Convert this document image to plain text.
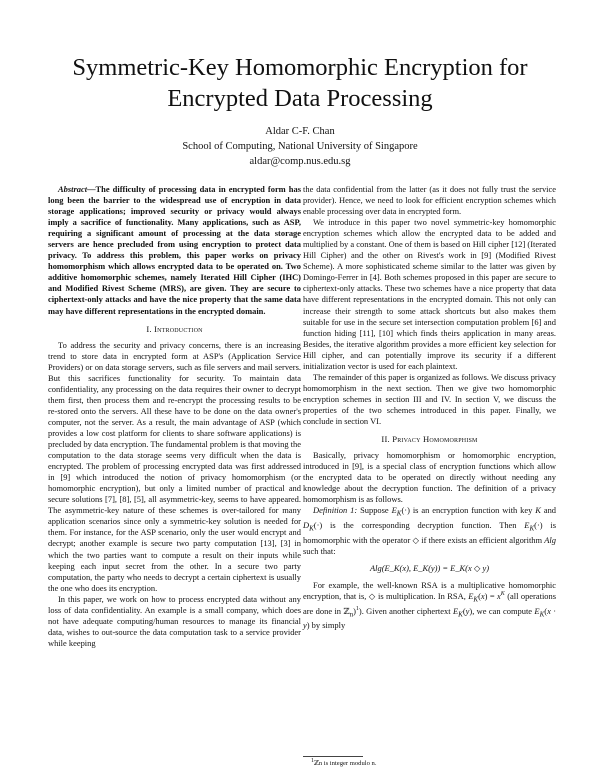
Symmetric-Key Homomorphic Encryption for Encrypted Data Processing
Aldar C-F. Chan
School of Computing, National University of Singapore
aldar@comp.nus.edu.sg

Abstract—The difficulty of processing data in encrypted form has long been the barrier to the widespread use of encryption in data storage applications; improved security or privacy would always imply a sacrifice of functionality. Many applications, such as ASP, requiring a significant amount of processing at the data storage servers are hence precluded from using encryption to protect data privacy. To address this problem, this paper works on privacy homomorphism which allows encrypted data to be operated on. Two additive homomorphic schemes, namely Iterated Hill Cipher (IHC) and Modified Rivest Scheme (MRS), are given. They are secure to ciphertext-only attacks and have the nice property that the same data may have different representations in the encrypted domain.

I. Introduction

To address the security and privacy concerns, there is an increasing trend to store data in encrypted form at ASP's (Application Service Providers) or on data storage servers, such as file servers and mail servers. But this sacrifices functionality for security. To maintain data confidentiality, any processing on the data requires their owner to decrypt them first, then process them and re-encrypt the processing results to be re-stored onto the servers. All these have to be done on the data owner's computer, not the server. As a result, the main advantage of ASP (which provides a low cost platform for clients to share software applications) is precluded by data encryption. The fundamental problem is that moving the computation to the data storage seems very difficult when the data is encrypted. The problem of processing encrypted data was first addressed in [9] which introduced the notion of privacy homomorphism (or homomorphic encryption), but only a limited number of practical and secure solutions [7], [8], [5], all asymmetric-key, seems to have appeared. The asymmetric-key nature of these schemes is over-tailored for many application scenarios since only a symmetric-key solution is needed for them. For instance, for the ASP scenario, only the user would encrypt and decrypt; another example is secure two party computation [13], [3] in which the two parties want to compute a result on their inputs while keeping each input secret from the other. In a secure two party computation, the party who needs to decrypt a certain ciphertext is usually the one who does its encryption.

In this paper, we work on how to process encrypted data without any loss of data confidentiality. An example is a small company, which does not have adequate computing/human resources to manage its financial data, wishes to out-source the data computation task to a service provider while keeping

the data confidential from the latter (as it does not fully trust the service provider). Hence, we need to look for efficient encryption schemes which enable processing over data in encrypted form.

We introduce in this paper two novel symmetric-key homomorphic encryption schemes which allow the encrypted data to be added and multiplied by a constant. One of them is based on Hill cipher [12] (Iterated Hill Cipher) and the other on Rivest's work in [9] (Modified Rivest Scheme). A more sophisticated scheme similar to the latter was given by Domingo-Ferrer in [4]. Both schemes proposed in this paper are secure to ciphertext-only attacks. These two schemes have a nice property that data have different representations in the encrypted domain. This not only can increase their strength to some attack shortcuts but also makes them suitable for use in the secure set intersection computation problem [6] and function hiding [11], [10] which finds theirs application in many areas. Besides, the iterative algorithm provides a more efficient key selection for Hill cipher, and can potentially improve its security if a different initialization vector is used for each plaintext.

The remainder of this paper is organized as follows. We discuss privacy homomorphism in the next section. Then we give two homomorphic encryption schemes in section III and IV. In section V, we discuss the properties of the two schemes introduced in this paper. Finally, we conclude in section VI.

II. Privacy Homomorphism

Basically, privacy homomorphism or homomorphic encryption, introduced in [9], is a special class of encryption functions which allow the encrypted data to be operated on directly without needing any knowledge about the decryption function. The definition of a privacy homomorphism is as follows.

Definition 1: Suppose $E_K(\cdot)$ is an encryption function with key K and $D_K(\cdot)$ is the corresponding decryption function. Then $E_K(\cdot)$ is homomorphic with the operator ◇ if there exists an efficient algorithm Alg such that:

Alg(E_K(x), E_K(y)) = E_K(x ◇ y)

For example, the well-known RSA is a multiplicative homomorphic encryption, that is, ◇ is multiplication. In RSA, $E_K(x) = x^K$ (all operations are done in ℤ$_n$)$^1$). Given another ciphertext $E_K(y)$, we can compute $E_K(x \cdot y)$ by simply

$^1$ℤn is integer modulo n.
